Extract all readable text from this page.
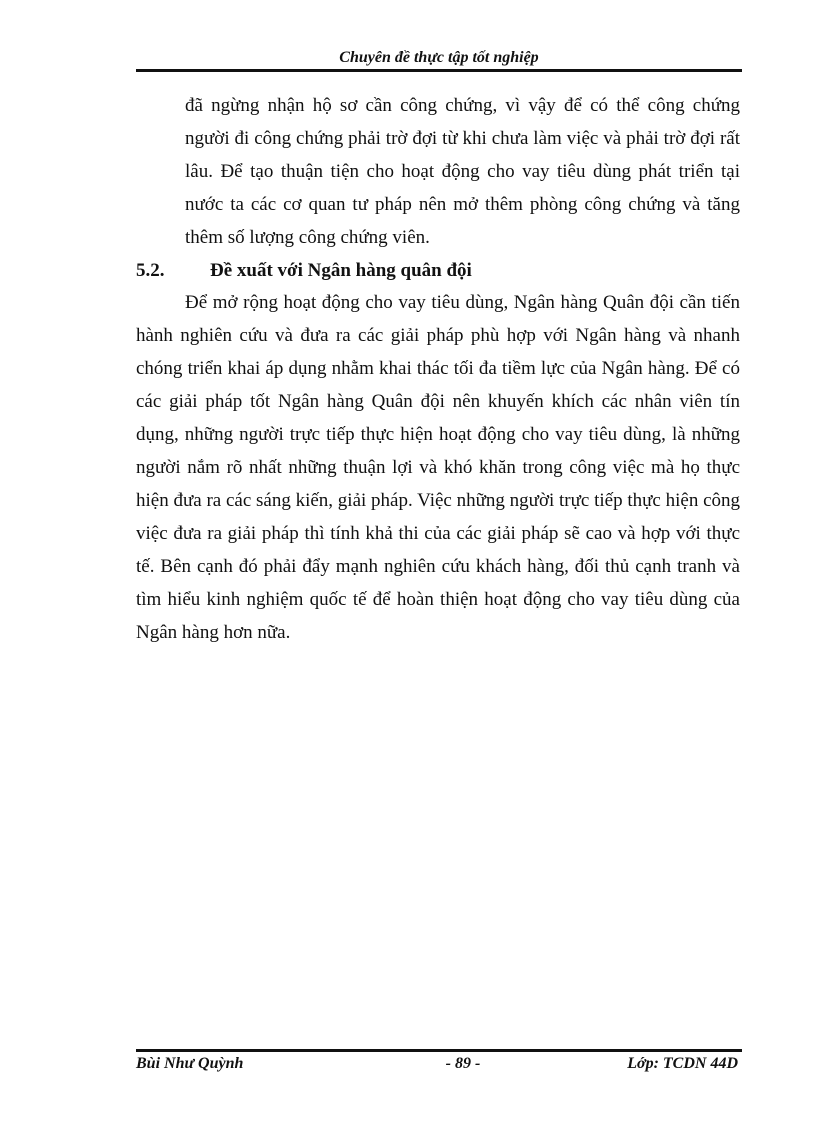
Chuyên đề thực tập tốt nghiệp
đã ngừng nhận hộ sơ cần công chứng, vì vậy để có thể công chứng người đi công chứng phải trờ đợi từ khi chưa làm việc và phải trờ đợi rất lâu. Để tạo thuận tiện cho hoạt động cho vay tiêu dùng phát triển tại nước ta các cơ quan tư pháp nên mở thêm phòng công chứng và tăng thêm số lượng công chứng viên.
5.2. Đề xuất với Ngân hàng quân đội
Để mở rộng hoạt động cho vay tiêu dùng, Ngân hàng Quân đội cần tiến hành nghiên cứu và đưa ra các giải pháp phù hợp với Ngân hàng và nhanh chóng triển khai áp dụng nhằm khai thác tối đa tiềm lực của Ngân hàng. Để có các giải pháp tốt Ngân hàng Quân đội nên khuyến khích các nhân viên tín dụng, những người trực tiếp thực hiện hoạt động cho vay tiêu dùng, là những người nắm rõ nhất những thuận lợi và khó khăn trong công việc mà họ thực hiện đưa ra các sáng kiến, giải pháp. Việc những người trực tiếp thực hiện công việc đưa ra giải pháp thì tính khả thi của các giải pháp sẽ cao và hợp với thực tế. Bên cạnh đó phải đẩy mạnh nghiên cứu khách hàng, đối thủ cạnh tranh và tìm hiểu kinh nghiệm quốc tế để hoàn thiện hoạt động cho vay tiêu dùng của Ngân hàng hơn nữa.
Bùi Như Quỳnh	- 89 -	Lớp: TCDN 44D
